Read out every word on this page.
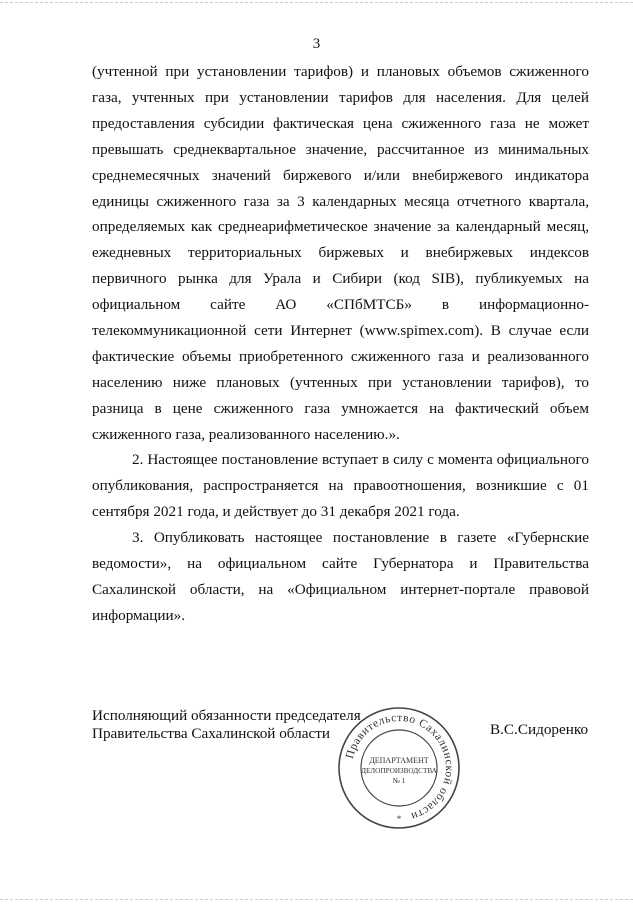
3

(учтенной при установлении тарифов) и плановых объемов сжиженного газа, учтенных при установлении тарифов для населения. Для целей предоставления субсидии фактическая цена сжиженного газа не может превышать среднеквартальное значение, рассчитанное из минимальных среднемесячных значений биржевого и/или внебиржевого индикатора единицы сжиженного газа за 3 календарных месяца отчетного квартала, определяемых как среднеарифметическое значение за календарный месяц, ежедневных территориальных биржевых и внебиржевых индексов первичного рынка для Урала и Сибири (код SIB), публикуемых на официальном сайте АО «СПбМТСБ» в информационно-телекоммуникационной сети Интернет (www.spimex.com). В случае если фактические объемы приобретенного сжиженного газа и реализованного населению ниже плановых (учтенных при установлении тарифов), то разница в цене сжиженного газа умножается на фактический объем сжиженного газа, реализованного населению.».

2. Настоящее постановление вступает в силу с момента официального опубликования, распространяется на правоотношения, возникшие с 01 сентября 2021 года, и действует до 31 декабря 2021 года.

3. Опубликовать настоящее постановление в газете «Губернские ведомости», на официальном сайте Губернатора и Правительства Сахалинской области, на «Официальном интернет-портале правовой информации».

Исполняющий обязанности председателя
Правительства Сахалинской области
Правительство Сахалинской области
ДЕПАРТАМЕНТ
ДЕЛОПРОИЗВОДСТВА
№ 1
*
В.С.Сидоренко
